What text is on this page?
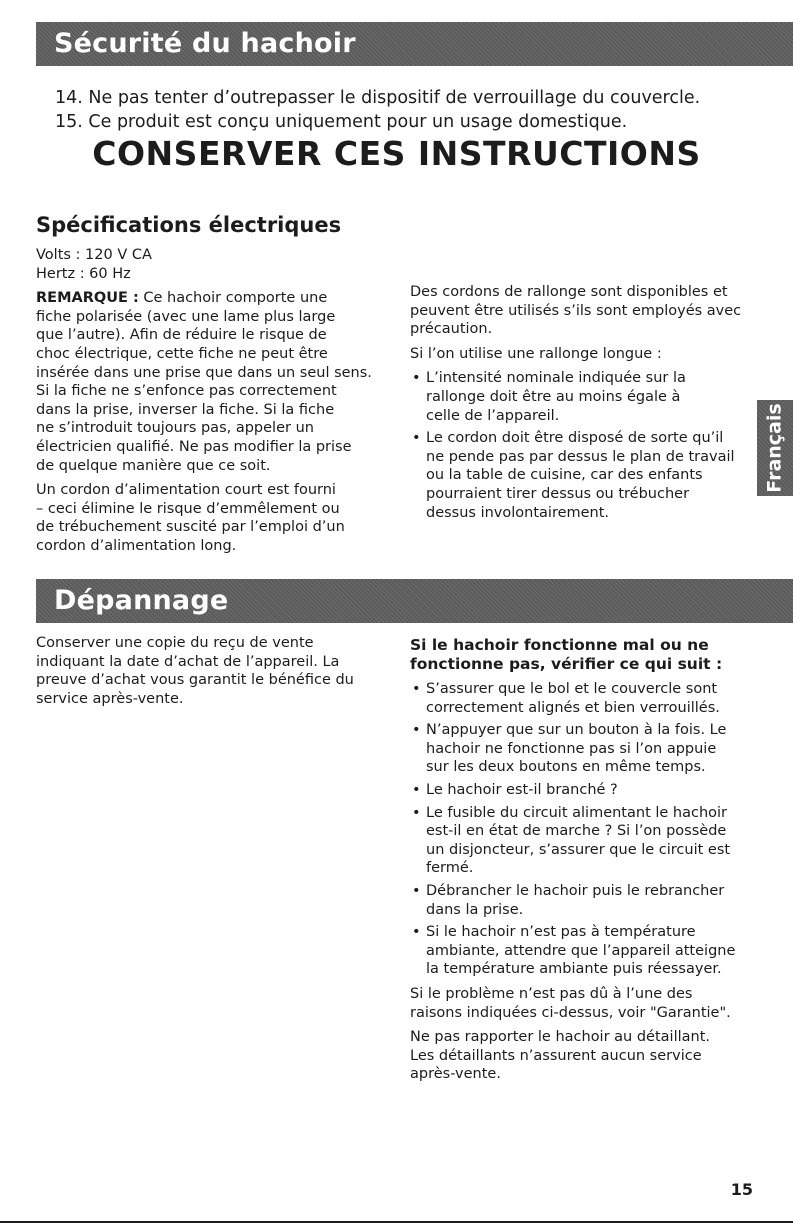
Sécurité du hachoir
14. Ne pas tenter d’outrepasser le dispositif de verrouillage du couvercle.
15. Ce produit est conçu uniquement pour un usage domestique.
CONSERVER CES INSTRUCTIONS
Spécifications électriques

Volts : 120 V CA
Hertz : 60 Hz

REMARQUE : Ce hachoir comporte une
fiche polarisée (avec une lame plus large
que l’autre). Afin de réduire le risque de
choc électrique, cette fiche ne peut être
insérée dans une prise que dans un seul sens.
Si la fiche ne s’enfonce pas correctement
dans la prise, inverser la fiche. Si la fiche
ne s’introduit toujours pas, appeler un
électricien qualifié. Ne pas modifier la prise
de quelque manière que ce soit.

Un cordon d’alimentation court est fourni
– ceci élimine le risque d’emmêlement ou
de trébuchement suscité par l’emploi d’un
cordon d’alimentation long.

Des cordons de rallonge sont disponibles et
peuvent être utilisés s’ils sont employés avec
précaution.

Si l’on utilise une rallonge longue :

• L’intensité nominale indiquée sur la
rallonge doit être au moins égale à
celle de l’appareil.
• Le cordon doit être disposé de sorte qu’il
ne pende pas par dessus le plan de travail
ou la table de cuisine, car des enfants
pourraient tirer dessus ou trébucher
dessus involontairement.
Français
Dépannage

Conserver une copie du reçu de vente
indiquant la date d’achat de l’appareil. La
preuve d’achat vous garantit le bénéfice du
service après-vente.

Si le hachoir fonctionne mal ou ne
fonctionne pas, vérifier ce qui suit :
• S’assurer que le bol et le couvercle sont
correctement alignés et bien verrouillés.
• N’appuyer que sur un bouton à la fois. Le
hachoir ne fonctionne pas si l’on appuie
sur les deux boutons en même temps.
• Le hachoir est-il branché ?
• Le fusible du circuit alimentant le hachoir
est-il en état de marche ? Si l’on possède
un disjoncteur, s’assurer que le circuit est
fermé.
• Débrancher le hachoir puis le rebrancher
dans la prise.
• Si le hachoir n’est pas à température
ambiante, attendre que l’appareil atteigne
la température ambiante puis réessayer.

Si le problème n’est pas dû à l’une des
raisons indiquées ci-dessus, voir "Garantie".

Ne pas rapporter le hachoir au détaillant.
Les détaillants n’assurent aucun service
après-vente.

15
